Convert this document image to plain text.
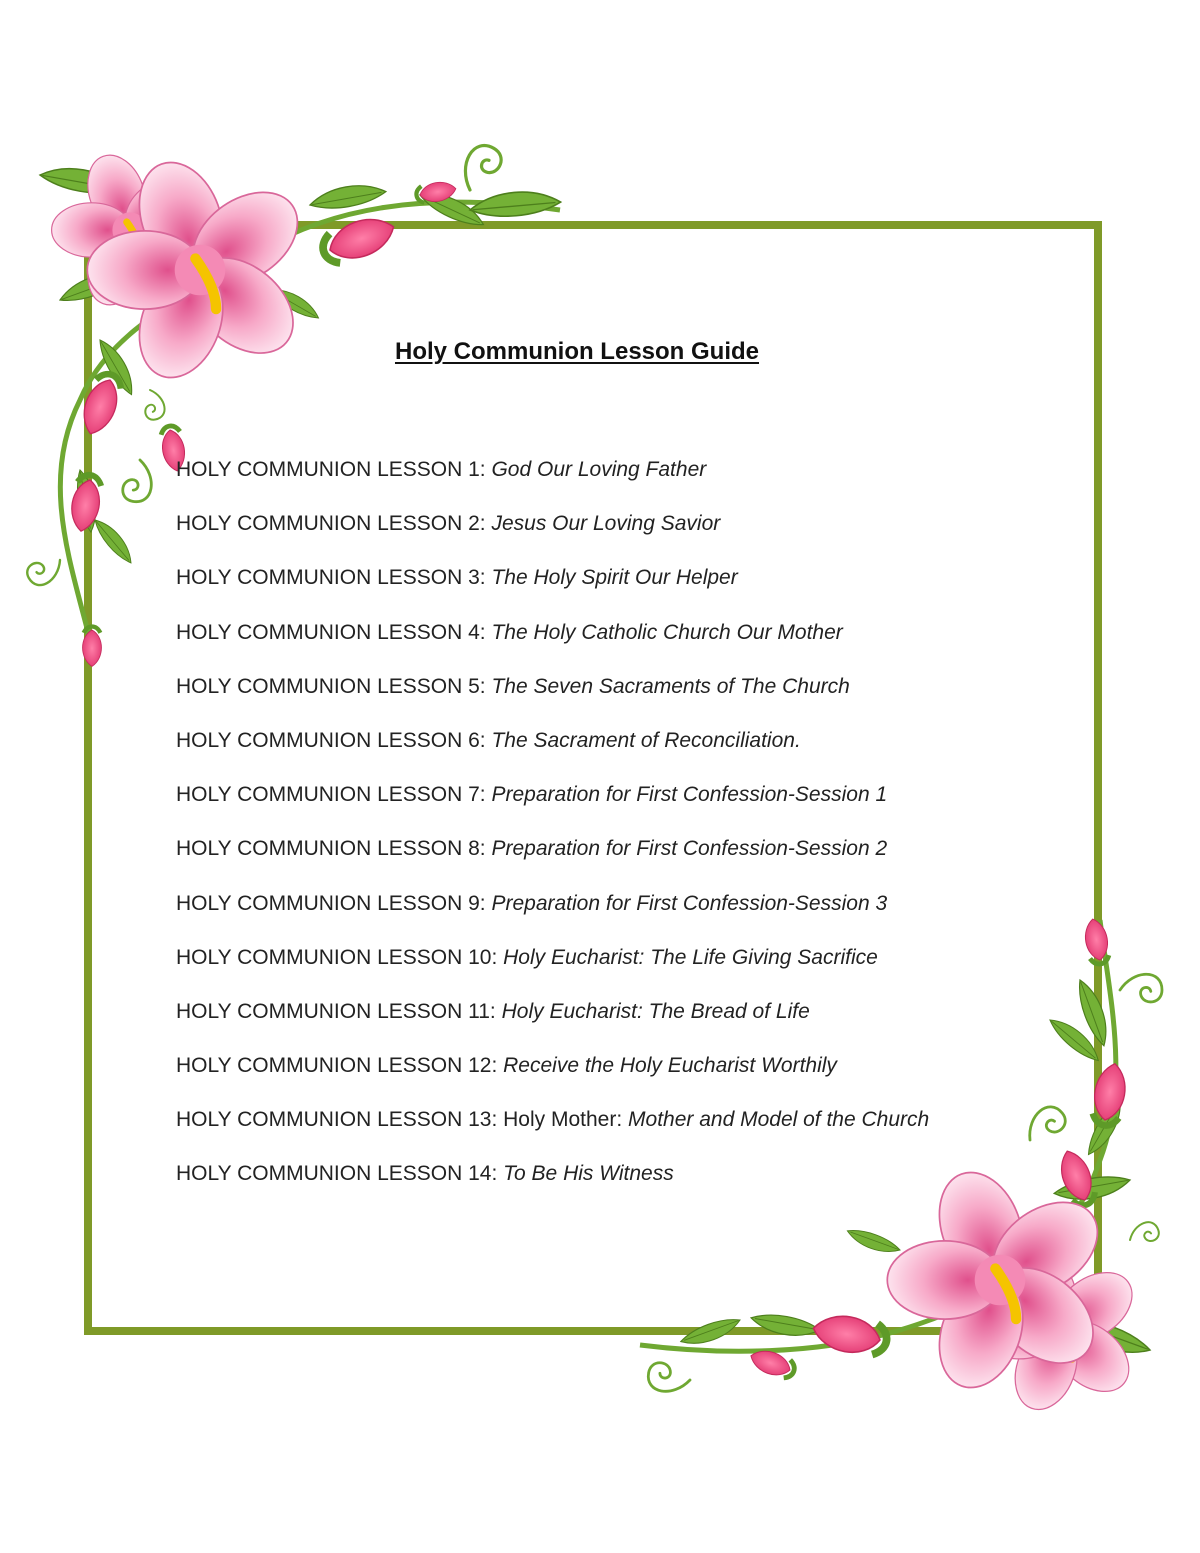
Holy Communion Lesson Guide
HOLY COMMUNION LESSON 1: God Our Loving Father
HOLY COMMUNION LESSON 2: Jesus Our Loving Savior
HOLY COMMUNION LESSON 3: The Holy Spirit Our Helper
HOLY COMMUNION LESSON 4: The Holy Catholic Church Our Mother
HOLY COMMUNION LESSON 5: The Seven Sacraments of The Church
HOLY COMMUNION LESSON 6: The Sacrament of Reconciliation.
HOLY COMMUNION LESSON 7: Preparation for First Confession-Session 1
HOLY COMMUNION LESSON 8: Preparation for First Confession-Session 2
HOLY COMMUNION LESSON 9: Preparation for First Confession-Session 3
HOLY COMMUNION LESSON 10: Holy Eucharist: The Life Giving Sacrifice
HOLY COMMUNION LESSON 11: Holy Eucharist: The Bread of Life
HOLY COMMUNION LESSON 12: Receive the Holy Eucharist Worthily
HOLY COMMUNION LESSON 13: Holy Mother: Mother and Model of the Church
HOLY COMMUNION LESSON 14: To Be His Witness
